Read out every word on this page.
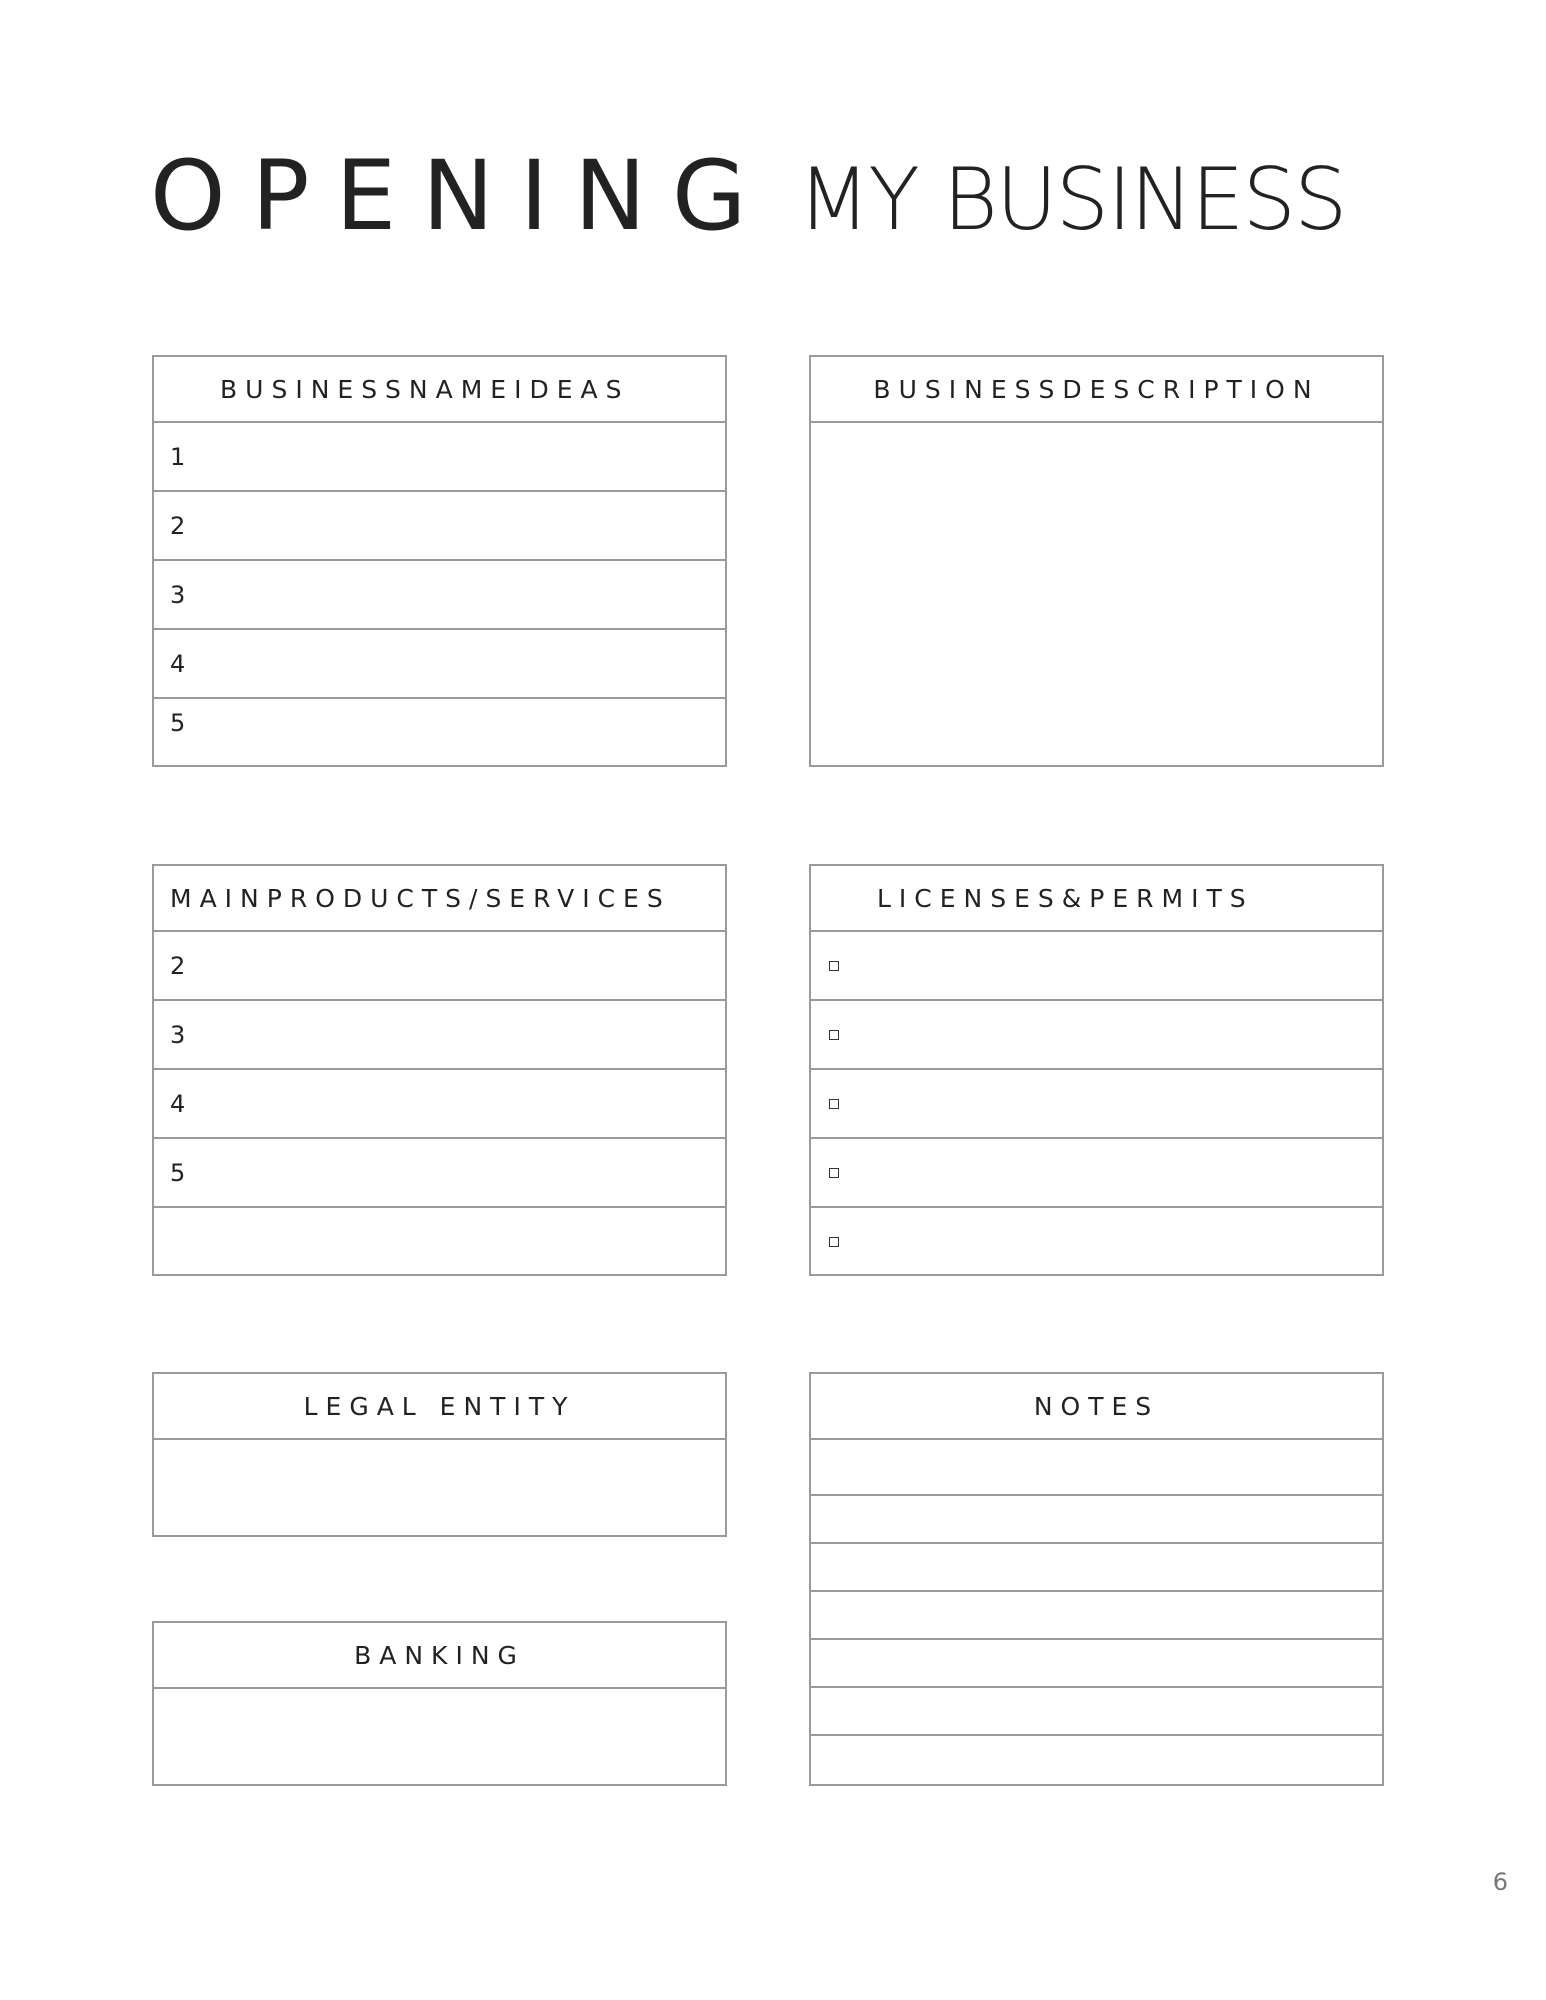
OPENING MY BUSINESS
BUSINESSNAMEIDEAS
1
2
3
4
5
BUSINESSDESCRIPTION
MAINPRODUCTS/SERVICES
2
3
4
5
LICENSES&PERMITS
LEGAL ENTITY
BANKING
NOTES
6
